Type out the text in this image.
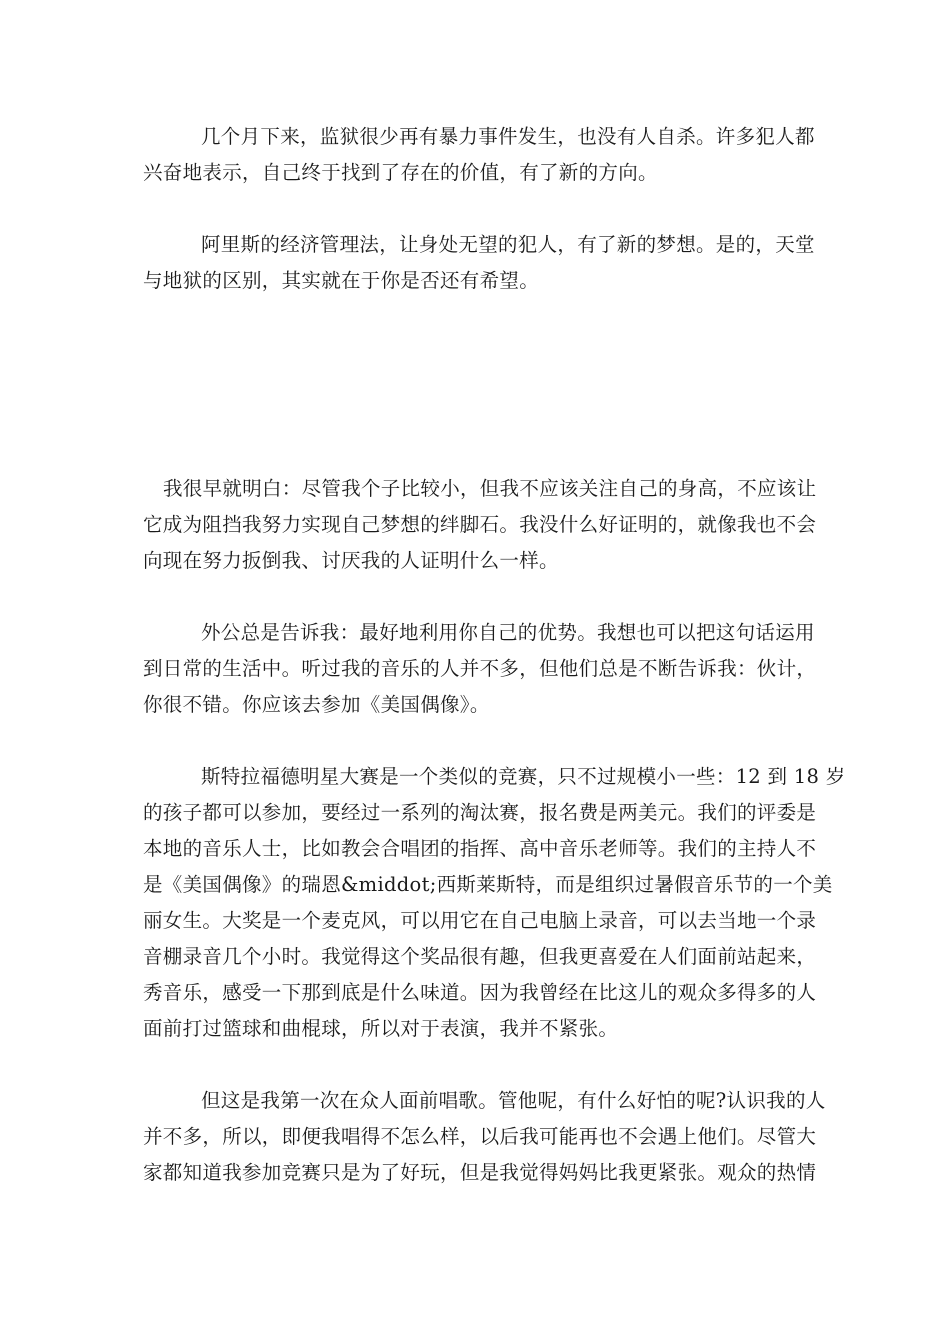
几个月下来，监狱很少再有暴力事件发生，也没有人自杀。许多犯人都
兴奋地表示，自己终于找到了存在的价值，有了新的方向。
阿里斯的经济管理法，让身处无望的犯人，有了新的梦想。是的，天堂
与地狱的区别，其实就在于你是否还有希望。
我很早就明白：尽管我个子比较小，但我不应该关注自己的身高，不应该让
它成为阻挡我努力实现自己梦想的绊脚石。我没什么好证明的，就像我也不会
向现在努力扳倒我、讨厌我的人证明什么一样。
外公总是告诉我：最好地利用你自己的优势。我想也可以把这句话运用
到日常的生活中。听过我的音乐的人并不多，但他们总是不断告诉我：伙计，
你很不错。你应该去参加《美国偶像》。
斯特拉福德明星大赛是一个类似的竞赛，只不过规模小一些：12 到 18 岁
的孩子都可以参加，要经过一系列的淘汰赛，报名费是两美元。我们的评委是
本地的音乐人士，比如教会合唱团的指挥、高中音乐老师等。我们的主持人不
是《美国偶像》的瑞恩&middot;西斯莱斯特，而是组织过暑假音乐节的一个美
丽女生。大奖是一个麦克风，可以用它在自己电脑上录音，可以去当地一个录
音棚录音几个小时。我觉得这个奖品很有趣，但我更喜爱在人们面前站起来，
秀音乐，感受一下那到底是什么味道。因为我曾经在比这儿的观众多得多的人
面前打过篮球和曲棍球，所以对于表演，我并不紧张。
但这是我第一次在众人面前唱歌。管他呢，有什么好怕的呢?认识我的人
并不多，所以，即便我唱得不怎么样，以后我可能再也不会遇上他们。尽管大
家都知道我参加竞赛只是为了好玩，但是我觉得妈妈比我更紧张。观众的热情
